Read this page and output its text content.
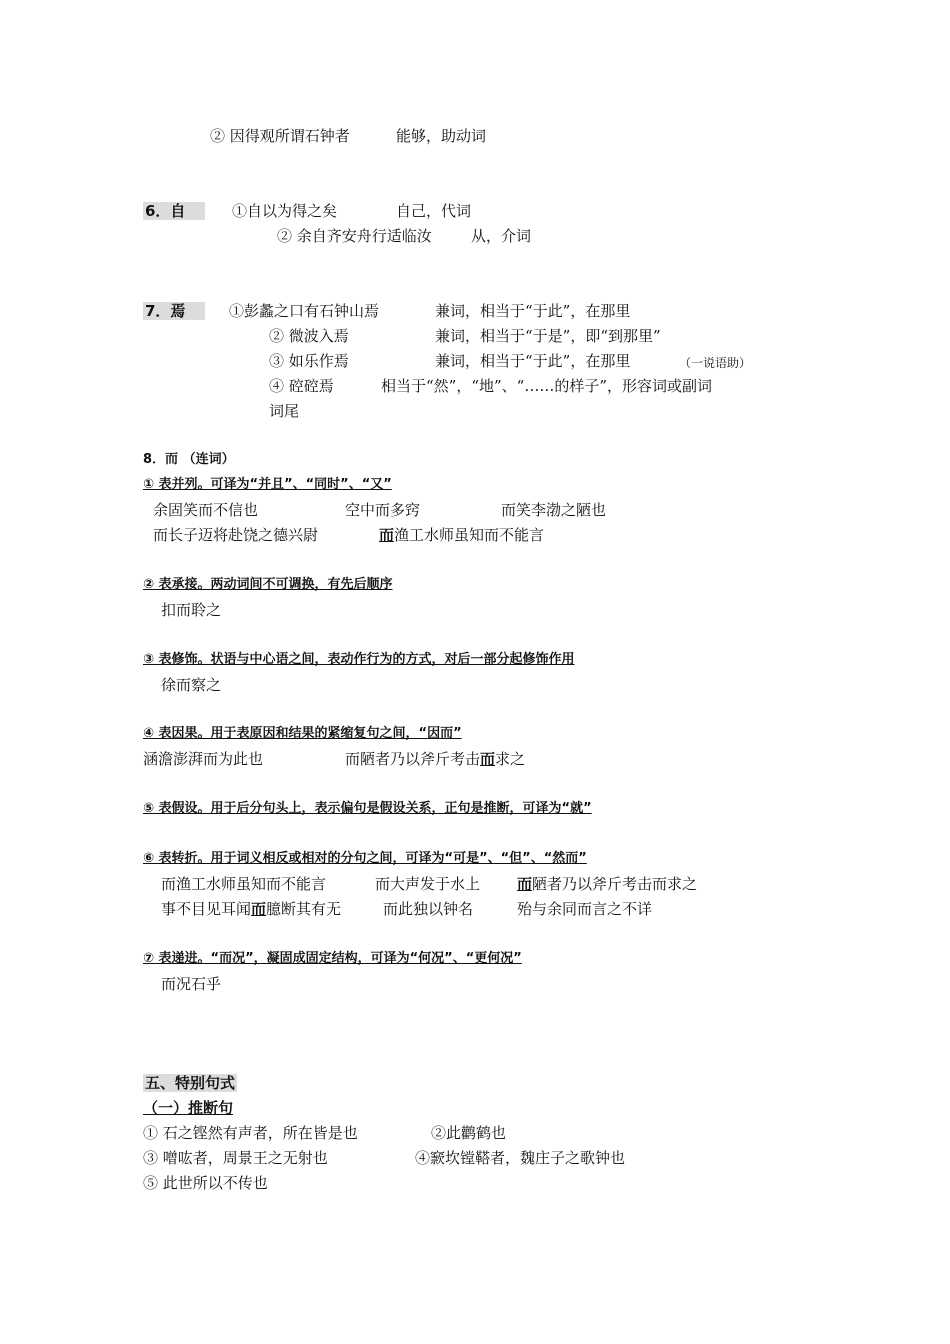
② 因得观所谓石钟者	能够，助动词
6．自	①自以为得之矣	自己，代词
② 余自齐安舟行适临汝	从，介词
7．焉	①彭蠡之口有石钟山焉	兼词，相当于“于此”，在那里
② 微波入焉	兼词，相当于“于是”，即“到那里”
③ 如乐作焉	兼词，相当于“于此”，在那里	（一说语助）
④ 硿硿焉	相当于“然”，“地”、“……的样子”，形容词或副词
词尾
8．而 （连词）
① 表并列。可译为“并且”、“同时”、“又”
余固笑而不信也	空中而多窍	而笑李渤之陋也
而长子迈将赴饶之德兴尉	而渔工水师虽知而不能言
② 表承接。两动词间不可调换，有先后顺序
扣而聆之
③ 表修饰。状语与中心语之间，表动作行为的方式，对后一部分起修饰作用
徐而察之
④ 表因果。用于表原因和结果的紧缩复句之间，“因而”
涵澹澎湃而为此也	而陋者乃以斧斤考击而求之
⑤ 表假设。用于后分句头上，表示偏句是假设关系，正句是推断，可译为“就”
⑥ 表转折。用于词义相反或相对的分句之间，可译为“可是”、“但”、“然而”
而渔工水师虽知而不能言	而大声发于水上 而陋者乃以斧斤考击而求之
事不目见耳闻而臆断其有无	而此独以钟名	殆与余同而言之不详
⑦ 表递进。“而况”，凝固成固定结构，可译为“何况”、“更何况”
而况石乎
五、特别句式
（一）推断句
① 石之铿然有声者，所在皆是也	②此鹳鹤也
③ 噌吰者，周景王之无射也	④窾坎镗鞳者，魏庄子之歌钟也
⑤ 此世所以不传也
